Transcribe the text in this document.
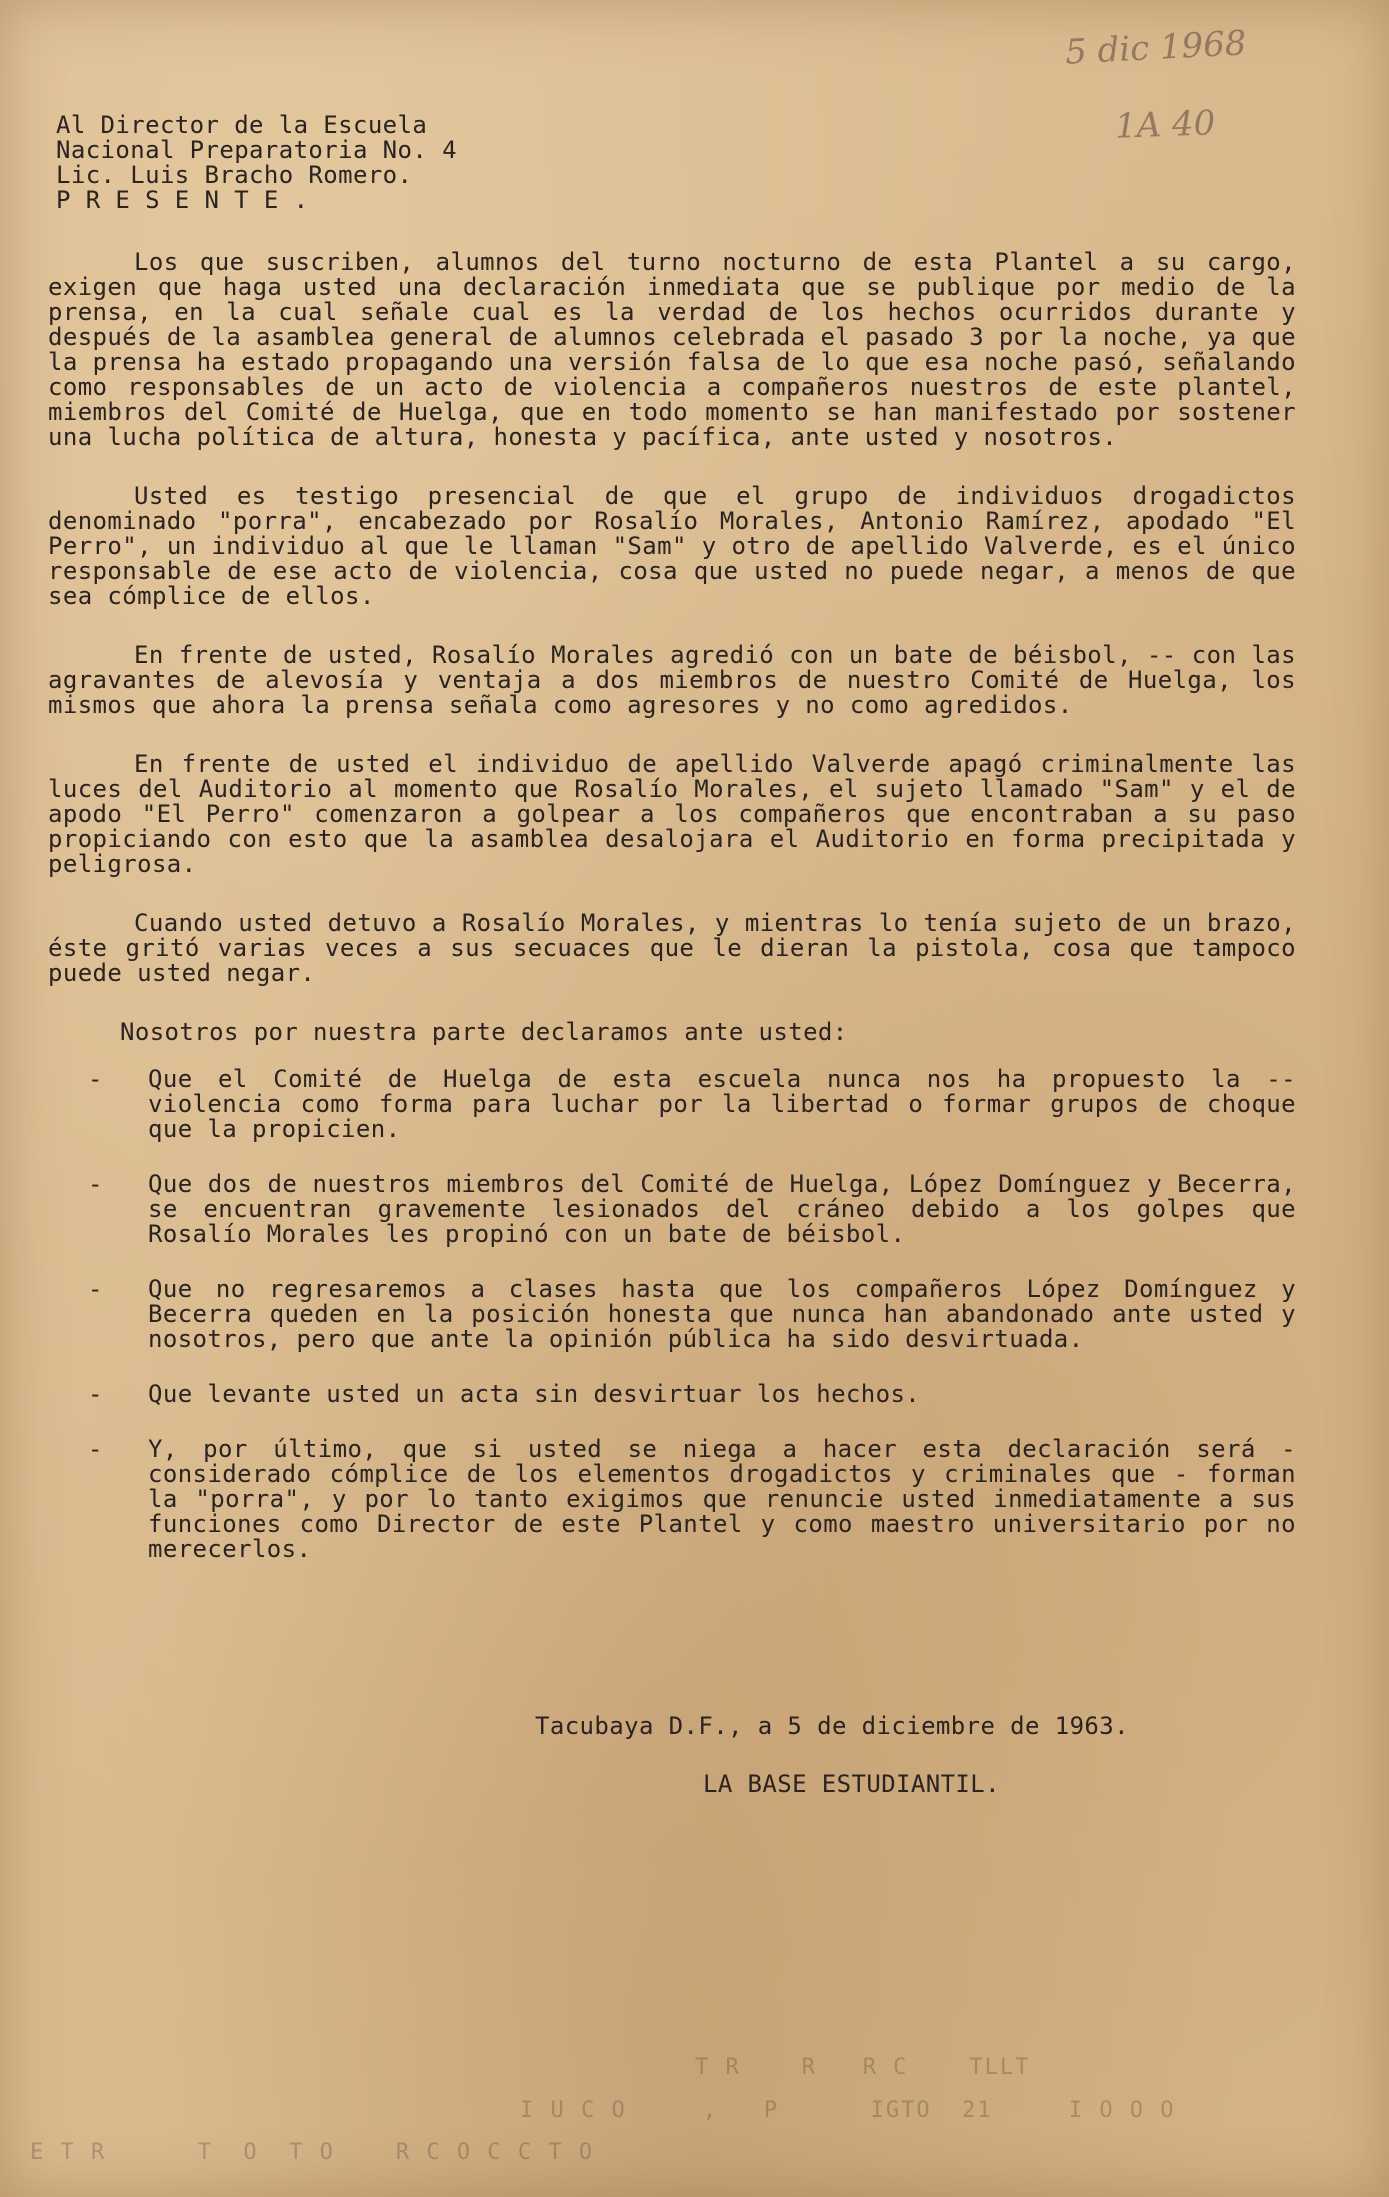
5 dic 1968
1A 40
Al Director de la Escuela
Nacional Preparatoria No. 4
Lic. Luis Bracho Romero.
P R E S E N T E .

Los que suscriben, alumnos del turno nocturno de esta Plantel a su cargo, exigen que haga usted una declaración inmediata que se publique por medio de la prensa, en la cual señale cual es la verdad de los hechos ocurridos durante y después de la asamblea general de alumnos celebrada el pasado 3 por la noche, ya que la prensa ha estado propagando una versión falsa de lo que esa noche pasó, señalando como responsables de un acto de violencia a compañeros nuestros de este plantel, miembros del Comité de Huelga, que en todo momento se han manifestado por sostener una lucha política de altura, honesta y pacífica, ante usted y nosotros.

Usted es testigo presencial de que el grupo de individuos drogadictos denominado "porra", encabezado por Rosalío Morales, Antonio Ramírez, apodado "El Perro", un individuo al que le llaman "Sam" y otro de apellido Valverde, es el único responsable de ese acto de violencia, cosa que usted no puede negar, a menos de que sea cómplice de ellos.

En frente de usted, Rosalío Morales agredió con un bate de béisbol, -- con las agravantes de alevosía y ventaja a dos miembros de nuestro Comité de Huelga, los mismos que ahora la prensa señala como agresores y no como agredidos.

En frente de usted el individuo de apellido Valverde apagó criminalmente las luces del Auditorio al momento que Rosalío Morales, el sujeto llamado "Sam" y el de apodo "El Perro" comenzaron a golpear a los compañeros que encontraban a su paso propiciando con esto que la asamblea desalojara el Auditorio en forma precipitada y peligrosa.

Cuando usted detuvo a Rosalío Morales, y mientras lo tenía sujeto de un brazo, éste gritó varias veces a sus secuaces que le dieran la pistola, cosa que tampoco puede usted negar.

Nosotros por nuestra parte declaramos ante usted:
- Que el Comité de Huelga de esta escuela nunca nos ha propuesto la -- violencia como forma para luchar por la libertad o formar grupos de choque que la propicien.
- Que dos de nuestros miembros del Comité de Huelga, López Domínguez y Becerra, se encuentran gravemente lesionados del cráneo debido a los golpes que Rosalío Morales les propinó con un bate de béisbol.
- Que no regresaremos a clases hasta que los compañeros López Domínguez y Becerra queden en la posición honesta que nunca han abandonado ante usted y nosotros, pero que ante la opinión pública ha sido desvirtuada.
- Que levante usted un acta sin desvirtuar los hechos.
- Y, por último, que si usted se niega a hacer esta declaración será - considerado cómplice de los elementos drogadictos y criminales que - forman la "porra", y por lo tanto exigimos que renuncie usted inmediatamente a sus funciones como Director de este Plantel y como maestro universitario por no merecerlos.
Tacubaya D.F., a 5 de diciembre de 1963.
LA BASE ESTUDIANTIL.
T R    R   R C    TLLT
I U C O     ,   P      IGTO  21     I O O O
E T R      T  O  T O    R C O C C T O
